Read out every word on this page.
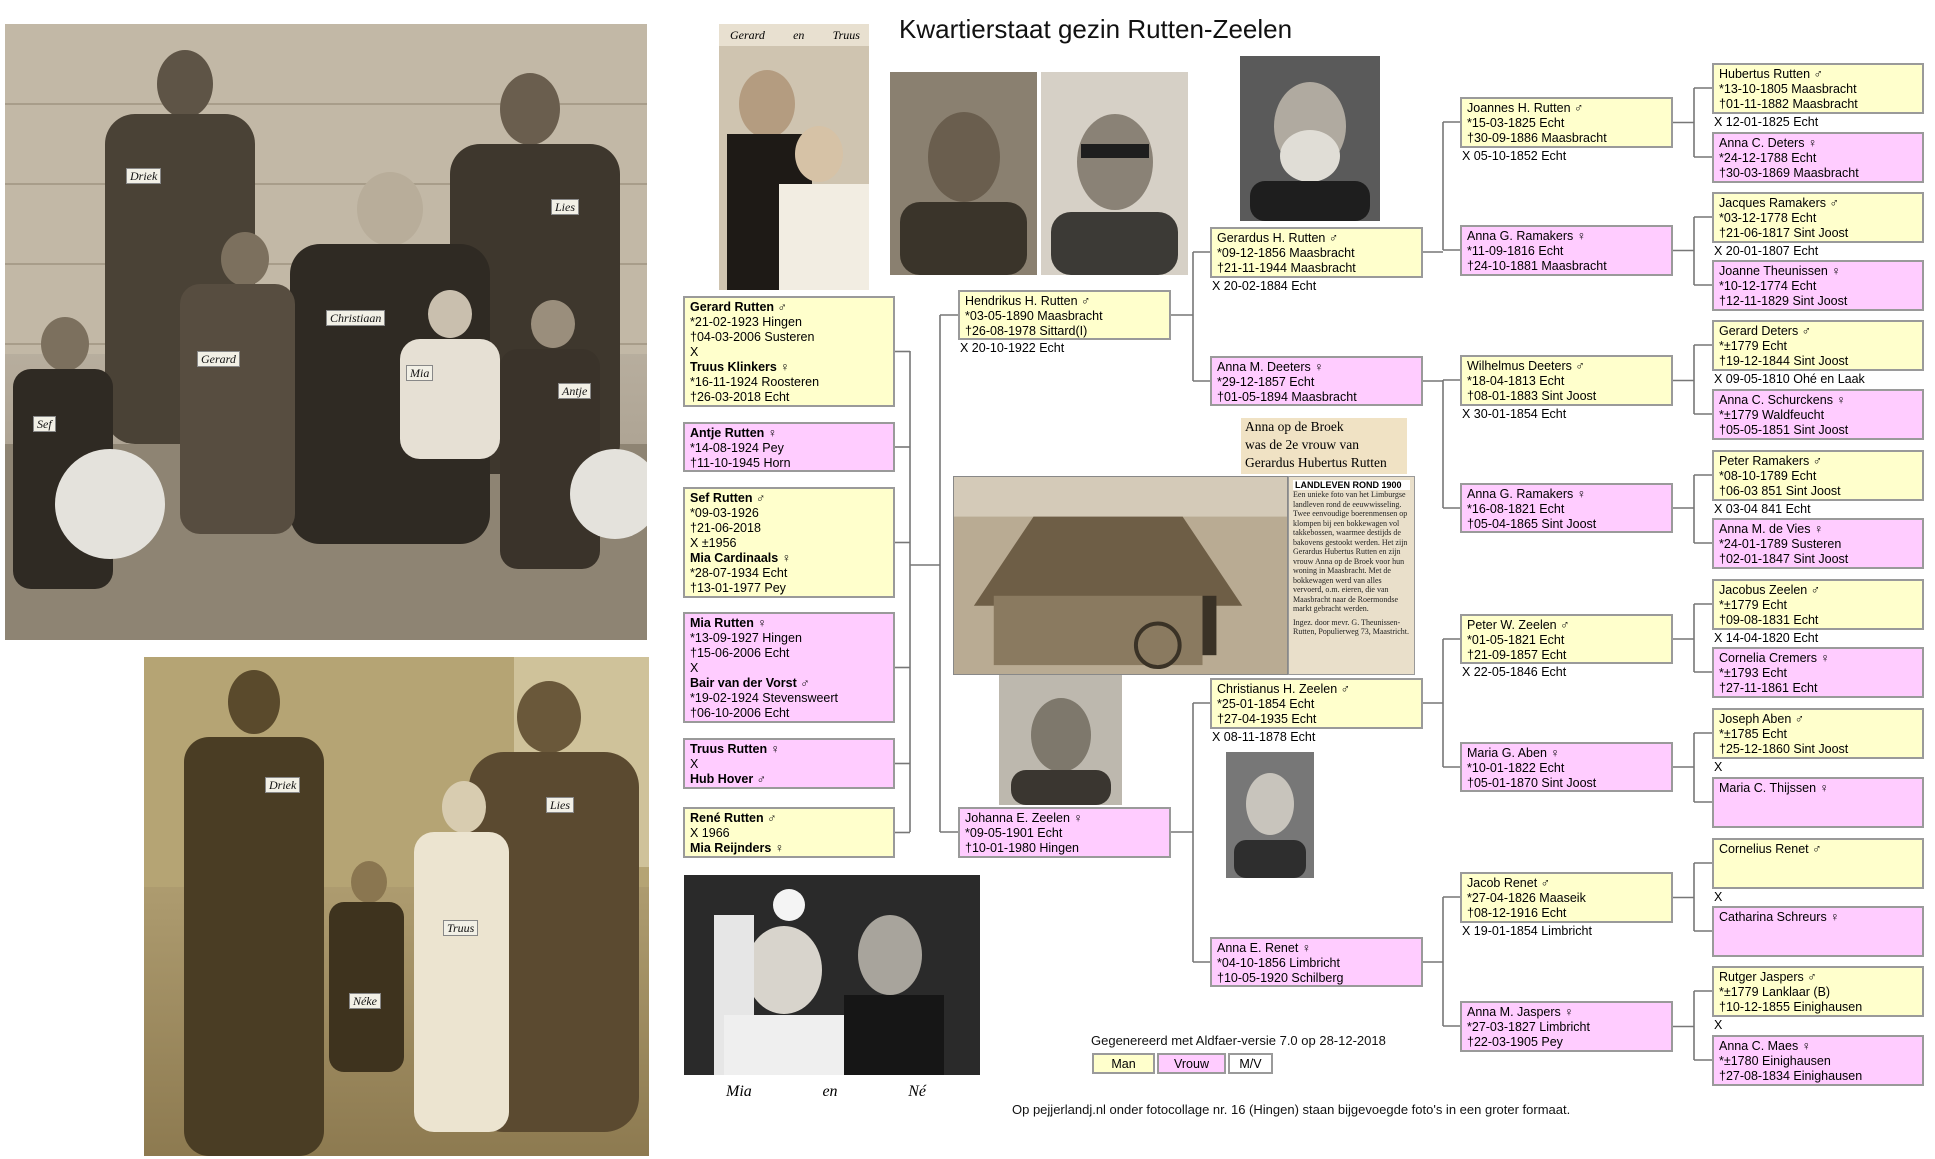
Driek
Lies
Christiaan
Gerard
Mia
Antje
Sef
Driek
Lies
Truus
Néke
Gerard en Truus
Mia	en	Né
LANDLEVEN ROND 1900
Een unieke foto van het Limburgse landleven rond de eeuwwisseling. Twee eenvoudige boerenmensen op klompen bij een bokkewagen vol takkebossen, waarmee destijds de bakovens gestookt werden. Het zijn Gerardus Hubertus Rutten en zijn vrouw Anna op de Broek voor hun woning in Maasbracht. Met de bokkewagen werd van alles vervoerd, o.m. eieren, die van Maasbracht naar de Roermondse markt gebracht werden.
Ingez. door mevr. G. Theunissen-Rutten, Populierweg 73, Maastricht.
Anna op de Broek
was de 2e vrouw van
Gerardus Hubertus Rutten
Kwartierstaat gezin Rutten-Zeelen
Gerard Rutten ♂
*21-02-1923 Hingen
†04-03-2006 Susteren
X
Truus Klinkers ♀
*16-11-1924 Roosteren
†26-03-2018 Echt
Antje Rutten ♀
*14-08-1924 Pey
†11-10-1945 Horn
Sef Rutten ♂
*09-03-1926
†21-06-2018
X ±1956
Mia Cardinaals ♀
*28-07-1934 Echt
†13-01-1977 Pey
Mia Rutten ♀
*13-09-1927 Hingen
†15-06-2006 Echt
X
Bair van der Vorst ♂
*19-02-1924 Stevensweert
†06-10-2006 Echt
Truus Rutten ♀
X
Hub Hover ♂
René Rutten ♂
X 1966
Mia Reijnders ♀
Hendrikus H. Rutten ♂
*03-05-1890 Maasbracht
†26-08-1978 Sittard(I)
X 20-10-1922 Echt
Johanna E. Zeelen ♀
*09-05-1901 Echt
†10-01-1980 Hingen
Gerardus H. Rutten ♂
*09-12-1856 Maasbracht
†21-11-1944 Maasbracht
X 20-02-1884 Echt
Anna M. Deeters ♀
*29-12-1857 Echt
†01-05-1894 Maasbracht
Christianus H. Zeelen ♂
*25-01-1854 Echt
†27-04-1935 Echt
X 08-11-1878 Echt
Anna E. Renet ♀
*04-10-1856 Limbricht
†10-05-1920 Schilberg
Joannes H. Rutten ♂
*15-03-1825 Echt
†30-09-1886 Maasbracht
X 05-10-1852 Echt
Anna G. Ramakers ♀
*11-09-1816 Echt
†24-10-1881 Maasbracht
Wilhelmus Deeters ♂
*18-04-1813 Echt
†08-01-1883 Sint Joost
X 30-01-1854 Echt
Anna G. Ramakers ♀
*16-08-1821 Echt
†05-04-1865 Sint Joost
Peter W. Zeelen ♂
*01-05-1821 Echt
†21-09-1857 Echt
X 22-05-1846 Echt
Maria G. Aben ♀
*10-01-1822 Echt
†05-01-1870 Sint Joost
Jacob Renet ♂
*27-04-1826 Maaseik
†08-12-1916 Echt
X 19-01-1854 Limbricht
Anna M. Jaspers ♀
*27-03-1827 Limbricht
†22-03-1905 Pey
Hubertus Rutten ♂
*13-10-1805 Maasbracht
†01-11-1882 Maasbracht
X 12-01-1825 Echt
Anna C. Deters ♀
*24-12-1788 Echt
†30-03-1869 Maasbracht
Jacques Ramakers ♂
*03-12-1778 Echt
†21-06-1817 Sint Joost
X 20-01-1807 Echt
Joanne Theunissen ♀
*10-12-1774 Echt
†12-11-1829 Sint Joost
Gerard Deters ♂
*±1779 Echt
†19-12-1844 Sint Joost
X 09-05-1810 Ohé en Laak
Anna C. Schurckens ♀
*±1779 Waldfeucht
†05-05-1851 Sint Joost
Peter Ramakers ♂
*08-10-1789 Echt
†06-03 851 Sint Joost
X 03-04 841 Echt
Anna M. de Vies ♀
*24-01-1789 Susteren
†02-01-1847 Sint Joost
Jacobus Zeelen ♂
*±1779 Echt
†09-08-1831 Echt
X 14-04-1820 Echt
Cornelia Cremers ♀
*±1793 Echt
†27-11-1861 Echt
Joseph Aben ♂
*±1785 Echt
†25-12-1860 Sint Joost
X
Maria C. Thijssen ♀
Cornelius Renet ♂
X
Catharina Schreurs ♀
Rutger Jaspers ♂
*±1779 Lanklaar (B)
†10-12-1855 Einighausen
X
Anna C. Maes ♀
*±1780 Einighausen
†27-08-1834 Einighausen
Gegenereerd met Aldfaer-versie 7.0 op 28-12-2018
Man	Vrouw	M/V
Op pejjerlandj.nl onder fotocollage nr. 16 (Hingen) staan bijgevoegde foto's in een groter formaat.
